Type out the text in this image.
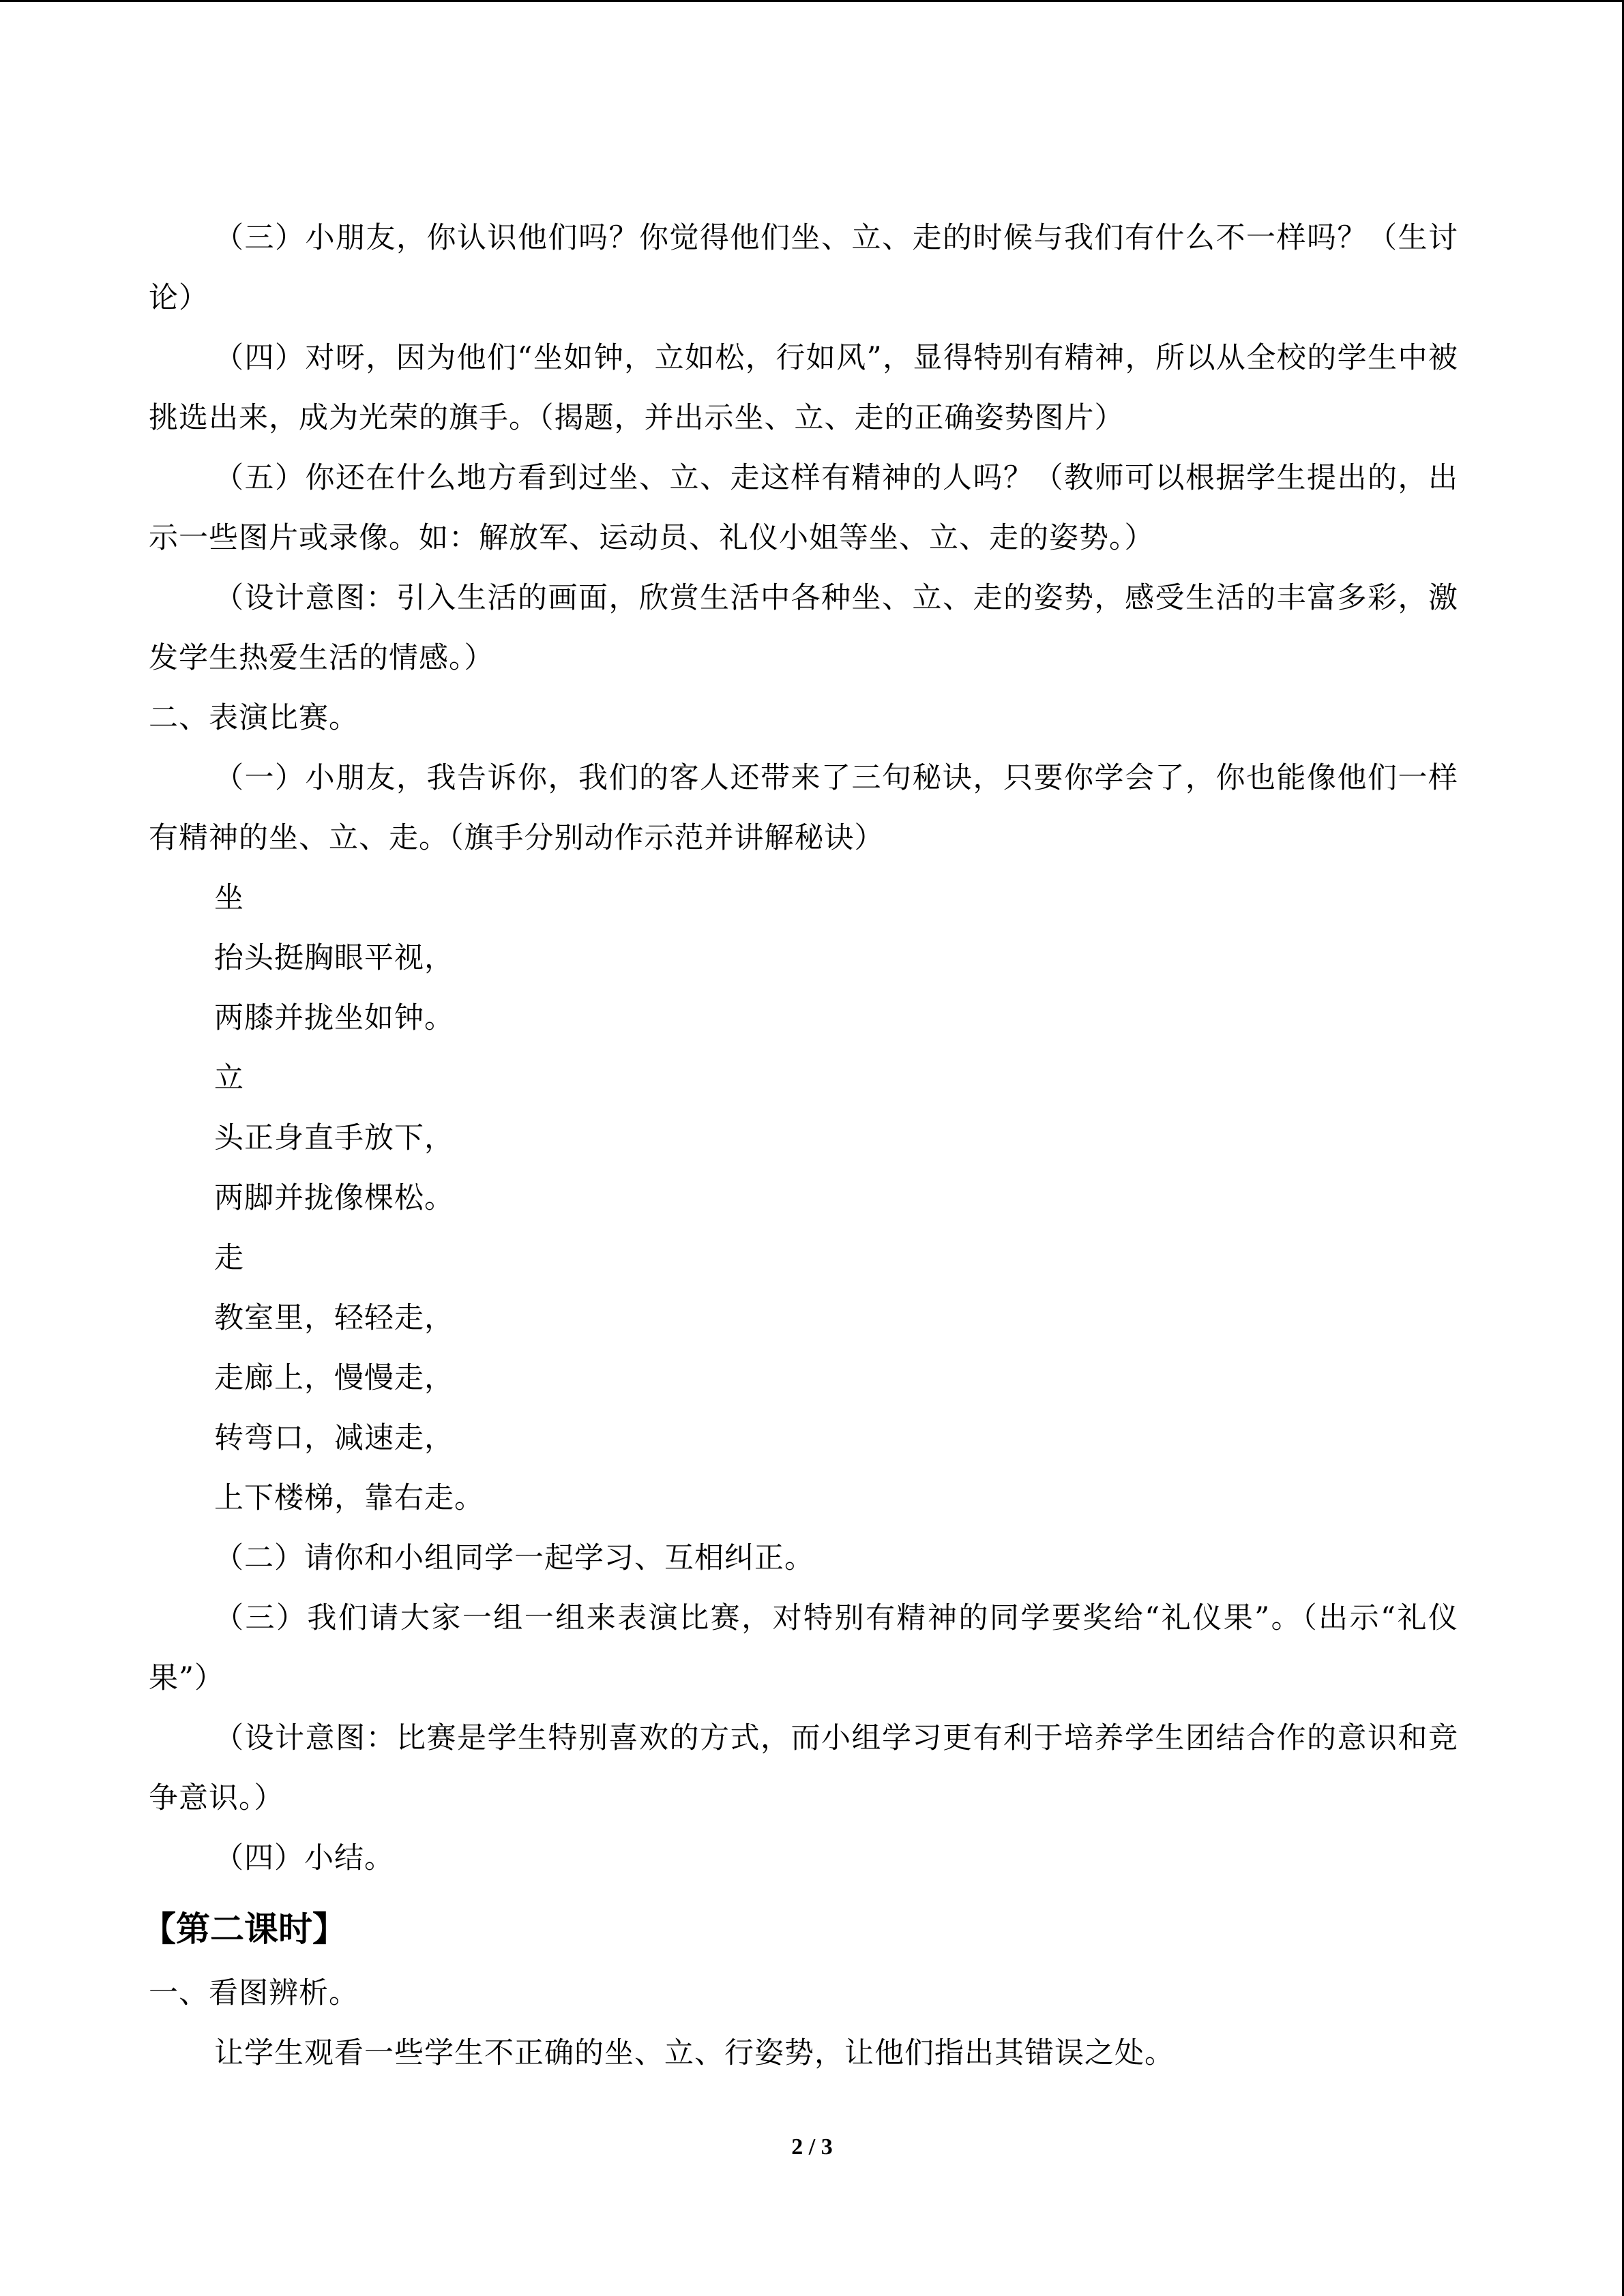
（三）小朋友，你认识他们吗？你觉得他们坐、立、走的时候与我们有什么不一样吗？（生讨论）

（四）对呀，因为他们“坐如钟，立如松，行如风”，显得特别有精神，所以从全校的学生中被挑选出来，成为光荣的旗手。（揭题，并出示坐、立、走的正确姿势图片）

（五）你还在什么地方看到过坐、立、走这样有精神的人吗？（教师可以根据学生提出的，出示一些图片或录像。如：解放军、运动员、礼仪小姐等坐、立、走的姿势。）

（设计意图：引入生活的画面，欣赏生活中各种坐、立、走的姿势，感受生活的丰富多彩，激发学生热爱生活的情感。）

二、表演比赛。

（一）小朋友，我告诉你，我们的客人还带来了三句秘诀，只要你学会了，你也能像他们一样有精神的坐、立、走。（旗手分别动作示范并讲解秘诀）

坐

抬头挺胸眼平视，

两膝并拢坐如钟。

立

头正身直手放下，

两脚并拢像棵松。

走

教室里，轻轻走，

走廊上，慢慢走，

转弯口，减速走，

上下楼梯，靠右走。

（二）请你和小组同学一起学习、互相纠正。

（三）我们请大家一组一组来表演比赛，对特别有精神的同学要奖给“礼仪果”。（出示“礼仪果”）

（设计意图：比赛是学生特别喜欢的方式，而小组学习更有利于培养学生团结合作的意识和竞争意识。）

（四）小结。

【第二课时】

一、看图辨析。

让学生观看一些学生不正确的坐、立、行姿势，让他们指出其错误之处。

2 / 3
